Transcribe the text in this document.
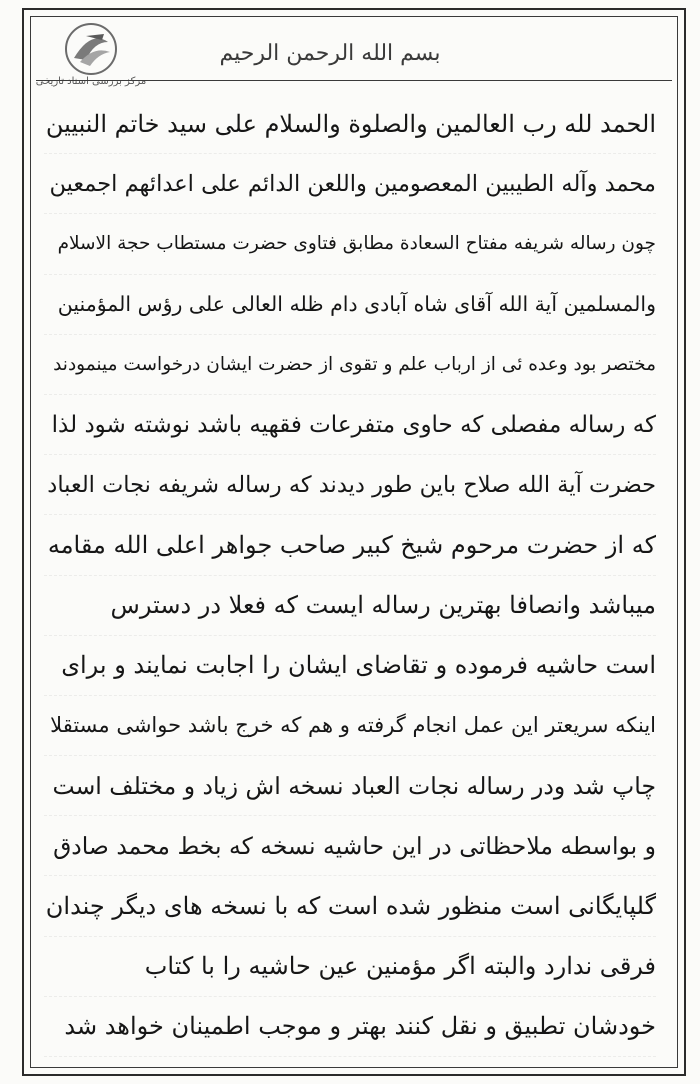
مرکز بررسی اسناد تاریخی
بسم الله الرحمن الرحیم
الحمد لله رب العالمین والصلوة والسلام علی سید خاتم النبیین
محمد وآله الطیبین المعصومین واللعن الدائم علی اعدائهم اجمعین
چون رساله شریفه مفتاح السعادة مطابق فتاوی حضرت مستطاب حجة الاسلام
والمسلمین آیة الله آقای شاه آبادی دام ظله العالی علی رؤس المؤمنین
مختصر بود وعده ئی از ارباب علم و تقوی از حضرت ایشان درخواست مینمودند
که رساله مفصلی که حاوی متفرعات فقهیه باشد نوشته شود لذا
حضرت آیة الله صلاح باین طور دیدند که رساله شریفه نجات العباد
که از حضرت مرحوم شیخ کبیر صاحب جواهر اعلی الله مقامه
میباشد وانصافا بهترین رساله ایست که فعلا در دسترس
است حاشیه فرموده و تقاضای ایشان را اجابت نمایند و برای
اینکه سریعتر این عمل انجام گرفته و هم که خرج باشد حواشی مستقلا
چاپ شد ودر رساله نجات العباد نسخه اش زیاد و مختلف است
و بواسطه ملاحظاتی در این حاشیه نسخه که بخط محمد صادق
گلپایگانی است منظور شده است که با نسخه های دیگر چندان
فرقی ندارد والبته اگر مؤمنین عین حاشیه را با کتاب
خودشان تطبیق و نقل کنند بهتر و موجب اطمینان خواهد شد
